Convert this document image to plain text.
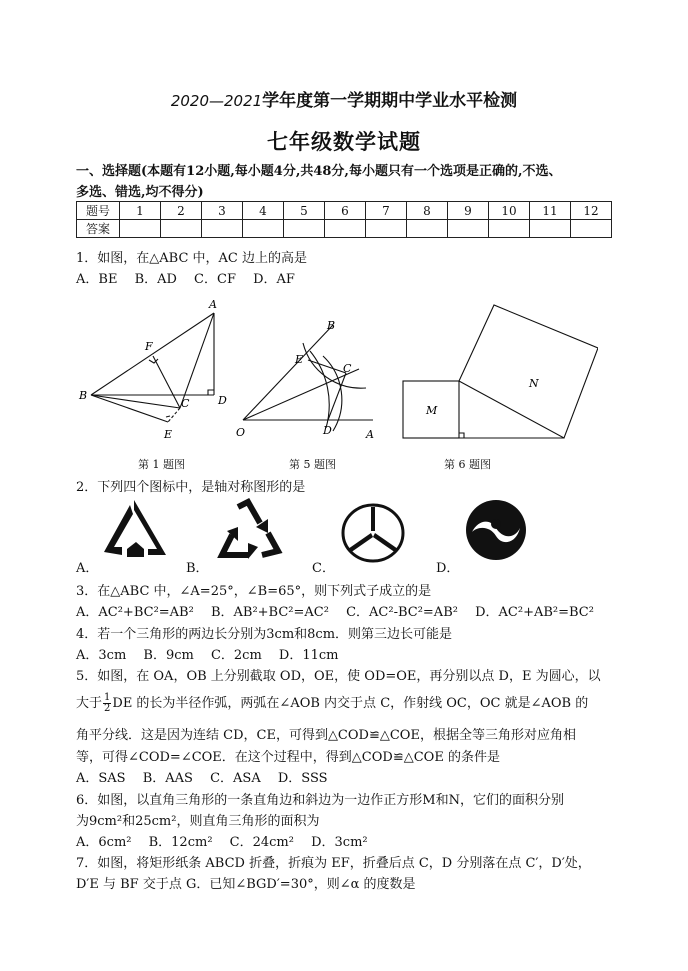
2020—2021学年度第一学期期中学业水平检测
七年级数学试题
一、选择题(本题有12小题,每小题4分,共48分,每小题只有一个选项是正确的,不选、
多选、错选,均不得分)
题号	1	2	3	4	5	6	7	8	9	10	11	12
答案												
1．如图，在△ABC 中，AC 边上的高是
A．BE　 B．AD　 C．CF　 D．AF
A
B
C	D
E
F
O	A
B
C
D
E
M
N
第 1 题图	第 5 题图	第 6 题图
2．下列四个图标中，是轴对称图形的是
A．	B．	C．	D．
3．在△ABC 中，∠A=25°，∠B=65°，则下列式子成立的是
A．AC²+BC²=AB²　 B．AB²+BC²=AC²　 C．AC²-BC²=AB²　 D．AC²+AB²=BC²
4．若一个三角形的两边长分别为3cm和8cm．则第三边长可能是
A．3cm　 B．9cm　 C．2cm　 D．11cm
5．如图，在 OA，OB 上分别截取 OD，OE，使 OD=OE，再分别以点 D，E 为圆心，以
大于 $\frac{1}{2}$ DE 的长为半径作弧，两弧在∠AOB 内交于点 C，作射线 OC，OC 就是∠AOB 的
角平分线．这是因为连结 CD，CE，可得到△COD≌△COE，根据全等三角形对应角相
等，可得∠COD=∠COE．在这个过程中，得到△COD≌△COE 的条件是
A．SAS　 B．AAS　 C．ASA　 D．SSS
6．如图，以直角三角形的一条直角边和斜边为一边作正方形M和N，它们的面积分别
为9cm²和25cm²，则直角三角形的面积为
A．6cm²　 B．12cm²　 C．24cm²　 D．3cm²
7．如图，将矩形纸条 ABCD 折叠，折痕为 EF，折叠后点 C，D 分别落在点 C′，D′处，
D′E 与 BF 交于点 G．已知∠BGD′=30°，则∠α 的度数是
